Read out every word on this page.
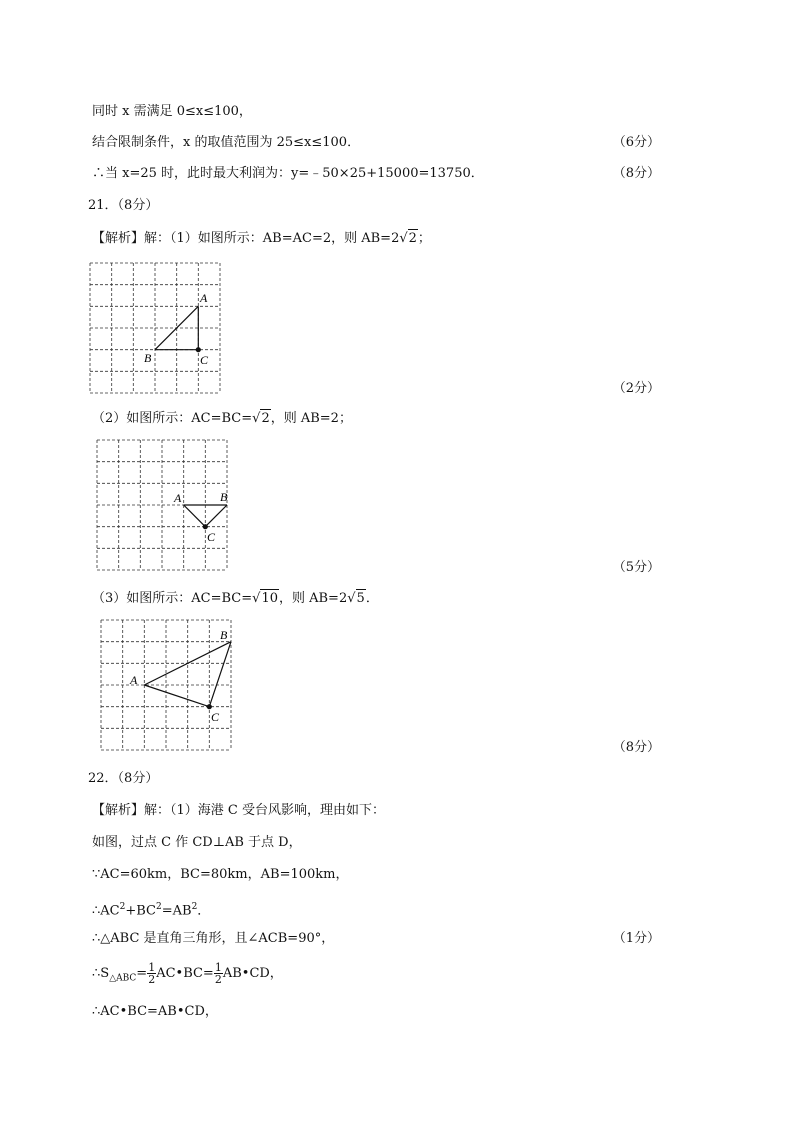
同时 x 需满足 0≤x≤100，
结合限制条件，x 的取值范围为 25≤x≤100．	（6分）
∴当 x=25 时，此时最大利润为：y=﹣50×25+15000=13750．	（8分）
21．（8分）
【解析】解：（1）如图所示：AB=AC=2，则 AB=2√2；
A
B	C
（2分）
（2）如图所示：AC=BC=√2，则 AB=2；
A	B
C
（5分）
（3）如图所示：AC=BC=√10，则 AB=2√5．
A
B
C
（8分）
22．（8分）
【解析】解：（1）海港 C 受台风影响，理由如下：
如图，过点 C 作 CD⊥AB 于点 D，
∵AC=60km，BC=80km，AB=100km，
$\therefore AC^2+BC^2=AB^2$．
∴△ABC 是直角三角形，且∠ACB=90°，	（1分）
$\therefore S_{\triangle ABC}= \frac{1}{2}$ AC•BC= $\frac{1}{2}$ AB•CD，
∴AC•BC=AB•CD，
